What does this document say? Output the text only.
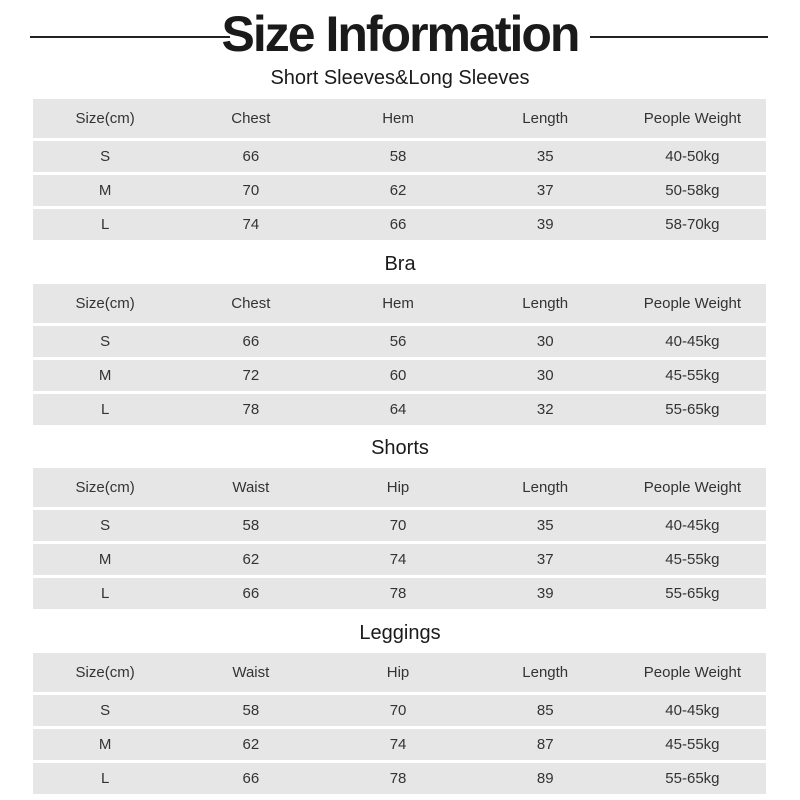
Size Information
Short Sleeves&Long Sleeves
Size(cm)	Chest	Hem	Length	People Weight
S	66	58	35	40-50kg
M	70	62	37	50-58kg
L	74	66	39	58-70kg
Bra
Size(cm)	Chest	Hem	Length	People Weight
S	66	56	30	40-45kg
M	72	60	30	45-55kg
L	78	64	32	55-65kg
Shorts
Size(cm)	Waist	Hip	Length	People Weight
S	58	70	35	40-45kg
M	62	74	37	45-55kg
L	66	78	39	55-65kg
Leggings
Size(cm)	Waist	Hip	Length	People Weight
S	58	70	85	40-45kg
M	62	74	87	45-55kg
L	66	78	89	55-65kg
